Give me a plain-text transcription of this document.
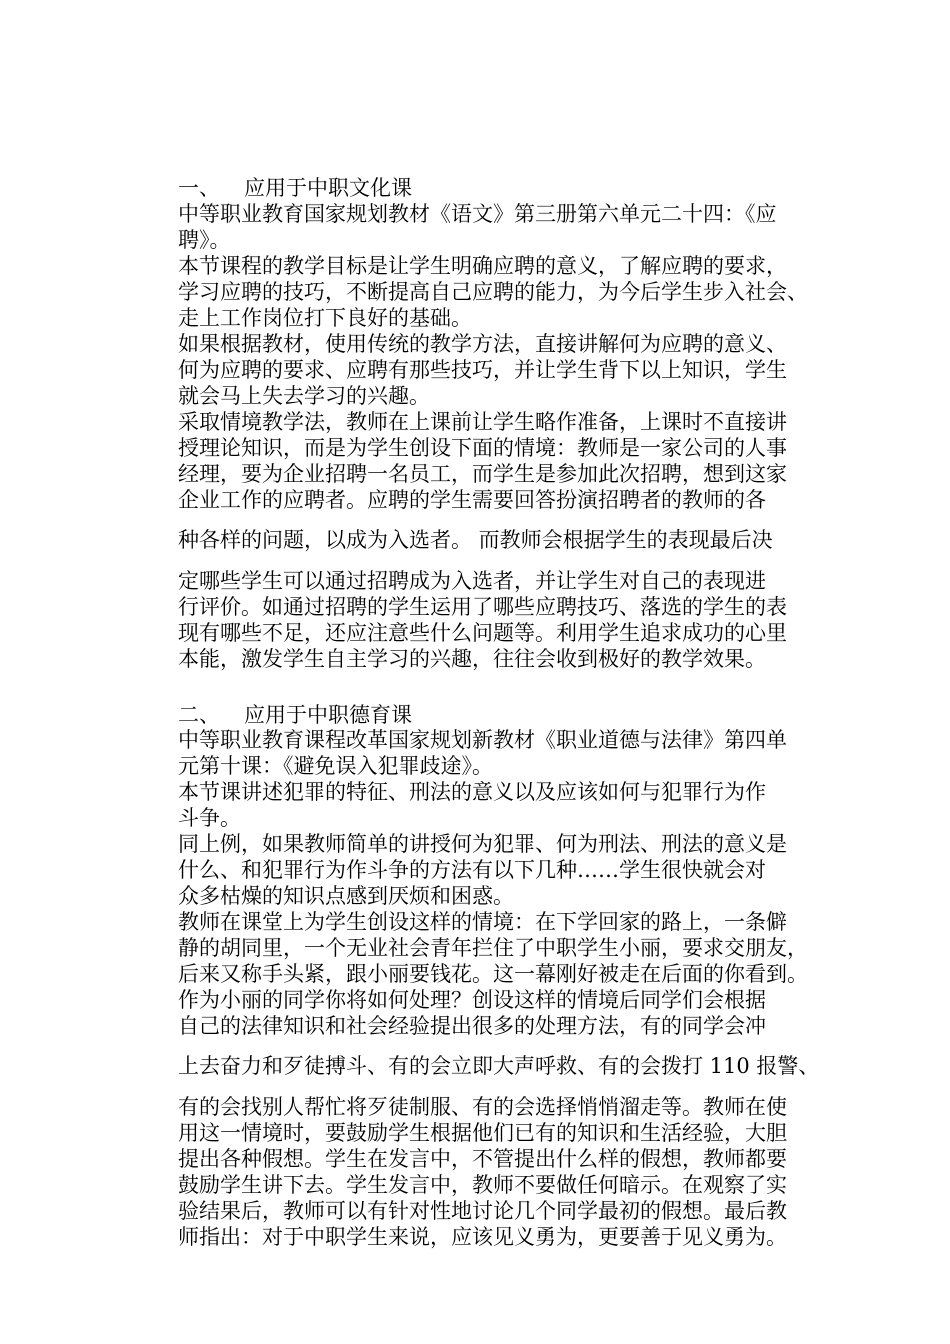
一、 应用于中职文化课
中等职业教育国家规划教材《语文》第三册第六单元二十四：《应
聘》。
本节课程的教学目标是让学生明确应聘的意义，了解应聘的要求，
学习应聘的技巧，不断提高自己应聘的能力，为今后学生步入社会、
走上工作岗位打下良好的基础。
如果根据教材，使用传统的教学方法，直接讲解何为应聘的意义、
何为应聘的要求、应聘有那些技巧，并让学生背下以上知识，学生
就会马上失去学习的兴趣。
采取情境教学法，教师在上课前让学生略作准备，上课时不直接讲
授理论知识，而是为学生创设下面的情境：教师是一家公司的人事
经理，要为企业招聘一名员工，而学生是参加此次招聘，想到这家
企业工作的应聘者。应聘的学生需要回答扮演招聘者的教师的各
种各样的问题，以成为入选者。 而教师会根据学生的表现最后决
定哪些学生可以通过招聘成为入选者，并让学生对自己的表现进
行评价。如通过招聘的学生运用了哪些应聘技巧、落选的学生的表
现有哪些不足，还应注意些什么问题等。利用学生追求成功的心里
本能，激发学生自主学习的兴趣，往往会收到极好的教学效果。
二、 应用于中职德育课
中等职业教育课程改革国家规划新教材《职业道德与法律》第四单
元第十课：《避免误入犯罪歧途》。
本节课讲述犯罪的特征、刑法的意义以及应该如何与犯罪行为作
斗争。
同上例，如果教师简单的讲授何为犯罪、何为刑法、刑法的意义是
什么、和犯罪行为作斗争的方法有以下几种……学生很快就会对
众多枯燥的知识点感到厌烦和困惑。
教师在课堂上为学生创设这样的情境：在下学回家的路上，一条僻
静的胡同里，一个无业社会青年拦住了中职学生小丽，要求交朋友，
后来又称手头紧，跟小丽要钱花。这一幕刚好被走在后面的你看到。
作为小丽的同学你将如何处理？创设这样的情境后同学们会根据
自己的法律知识和社会经验提出很多的处理方法，有的同学会冲
上去奋力和歹徒搏斗、有的会立即大声呼救、有的会拨打 110 报警、
有的会找别人帮忙将歹徒制服、有的会选择悄悄溜走等。教师在使
用这一情境时，要鼓励学生根据他们已有的知识和生活经验，大胆
提出各种假想。学生在发言中，不管提出什么样的假想，教师都要
鼓励学生讲下去。学生发言中，教师不要做任何暗示。在观察了实
验结果后，教师可以有针对性地讨论几个同学最初的假想。最后教
师指出：对于中职学生来说，应该见义勇为，更要善于见义勇为。
